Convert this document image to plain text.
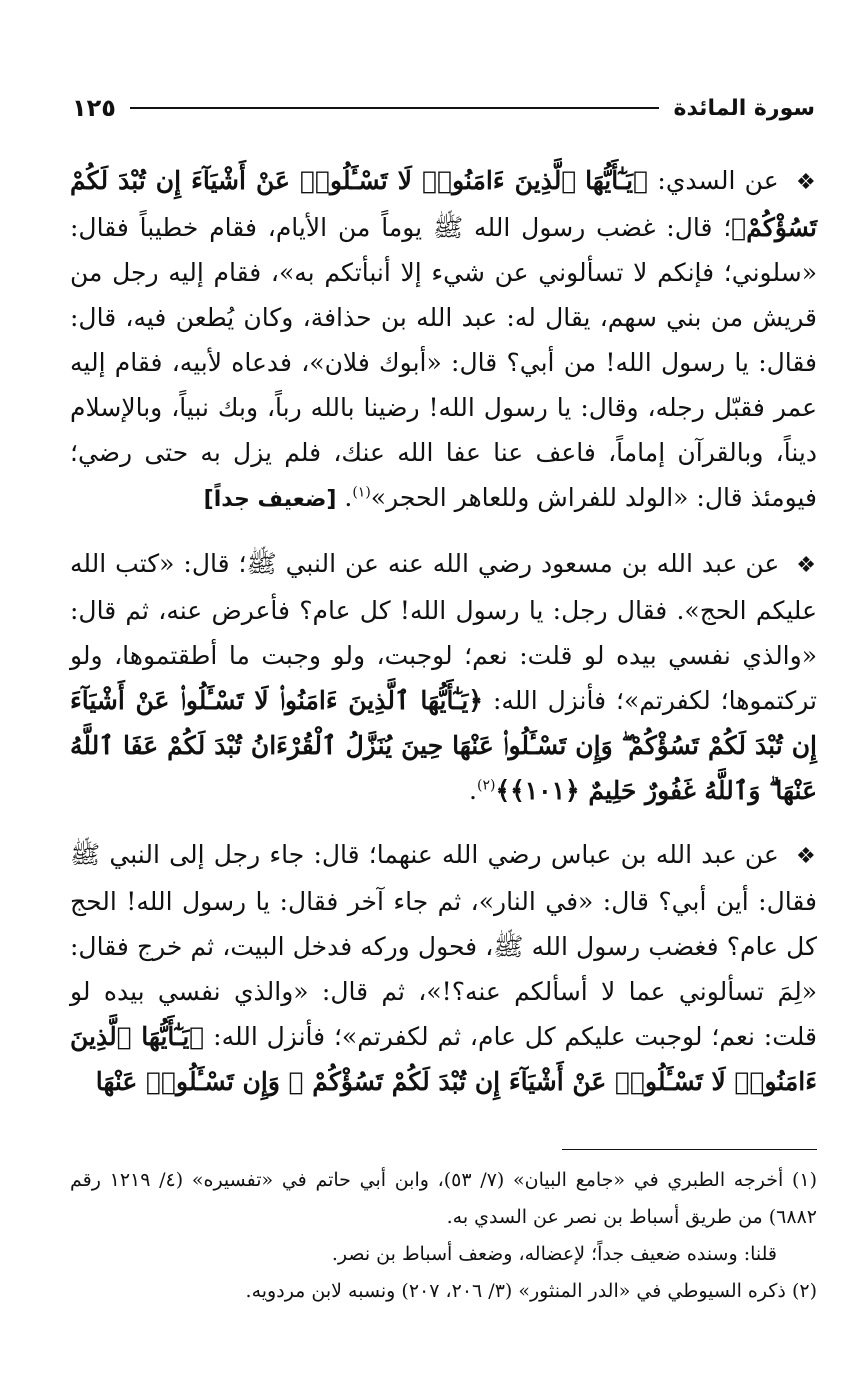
سورة المائدة
١٢٥

❖ عن السدي: ﴿يَـٰٓأَيُّهَا ٱلَّذِينَ ءَامَنُوا۟ لَا تَسْـَٔلُوا۟ عَنْ أَشْيَآءَ إِن تُبْدَ لَكُمْ تَسُؤْكُمْ﴾؛ قال: غضب رسول الله ﷺ يوماً من الأيام، فقام خطيباً فقال: «سلوني؛ فإنكم لا تسألوني عن شيء إلا أنبأتكم به»، فقام إليه رجل من قريش من بني سهم، يقال له: عبد الله بن حذافة، وكان يُطعن فيه، قال: فقال: يا رسول الله! من أبي؟ قال: «أبوك فلان»، فدعاه لأبيه، فقام إليه عمر فقبّل رجله، وقال: يا رسول الله! رضينا بالله رباً، وبك نبياً، وبالإسلام ديناً، وبالقرآن إماماً، فاعف عنا عفا الله عنك، فلم يزل به حتى رضي؛ فيومئذ قال: «الولد للفراش وللعاهر الحجر»$^{(١)}$. [ضعيف جداً]

❖ عن عبد الله بن مسعود رضي الله عنه عن النبي ﷺ؛ قال: «كتب الله عليكم الحج». فقال رجل: يا رسول الله! كل عام؟ فأعرض عنه، ثم قال: «والذي نفسي بيده لو قلت: نعم؛ لوجبت، ولو وجبت ما أطقتموها، ولو تركتموها؛ لكفرتم»؛ فأنزل الله: ﴿يَـٰٓأَيُّهَا ٱلَّذِينَ ءَامَنُوا۟ لَا تَسْـَٔلُوا۟ عَنْ أَشْيَآءَ إِن تُبْدَ لَكُمْ تَسُؤْكُمْ ۖ وَإِن تَسْـَٔلُوا۟ عَنْهَا حِينَ يُنَزَّلُ ٱلْقُرْءَانُ تُبْدَ لَكُمْ عَفَا ٱللَّهُ عَنْهَا ۗ وَٱللَّهُ غَفُورٌ حَلِيمٌ ﴿١٠١﴾﴾$^{(٢)}$.

❖ عن عبد الله بن عباس رضي الله عنهما؛ قال: جاء رجل إلى النبي ﷺ فقال: أين أبي؟ قال: «في النار»، ثم جاء آخر فقال: يا رسول الله! الحج كل عام؟ فغضب رسول الله ﷺ، فحول وركه فدخل البيت، ثم خرج فقال: «لِمَ تسألوني عما لا أسألكم عنه؟!»، ثم قال: «والذي نفسي بيده لو قلت: نعم؛ لوجبت عليكم كل عام، ثم لكفرتم»؛ فأنزل الله: ﴿يَـٰٓأَيُّهَا ٱلَّذِينَ ءَامَنُوا۟ لَا تَسْـَٔلُوا۟ عَنْ أَشْيَآءَ إِن تُبْدَ لَكُمْ تَسُؤْكُمْ ۖ وَإِن تَسْـَٔلُوا۟ عَنْهَا

(١) أخرجه الطبري في «جامع البيان» (٧/ ٥٣)، وابن أبي حاتم في «تفسيره» (٤/ ١٢١٩ رقم ٦٨٨٢) من طريق أسباط بن نصر عن السدي به.

قلنا: وسنده ضعيف جداً؛ لإعضاله، وضعف أسباط بن نصر.

(٢) ذكره السيوطي في «الدر المنثور» (٣/ ٢٠٦، ٢٠٧) ونسبه لابن مردويه.
